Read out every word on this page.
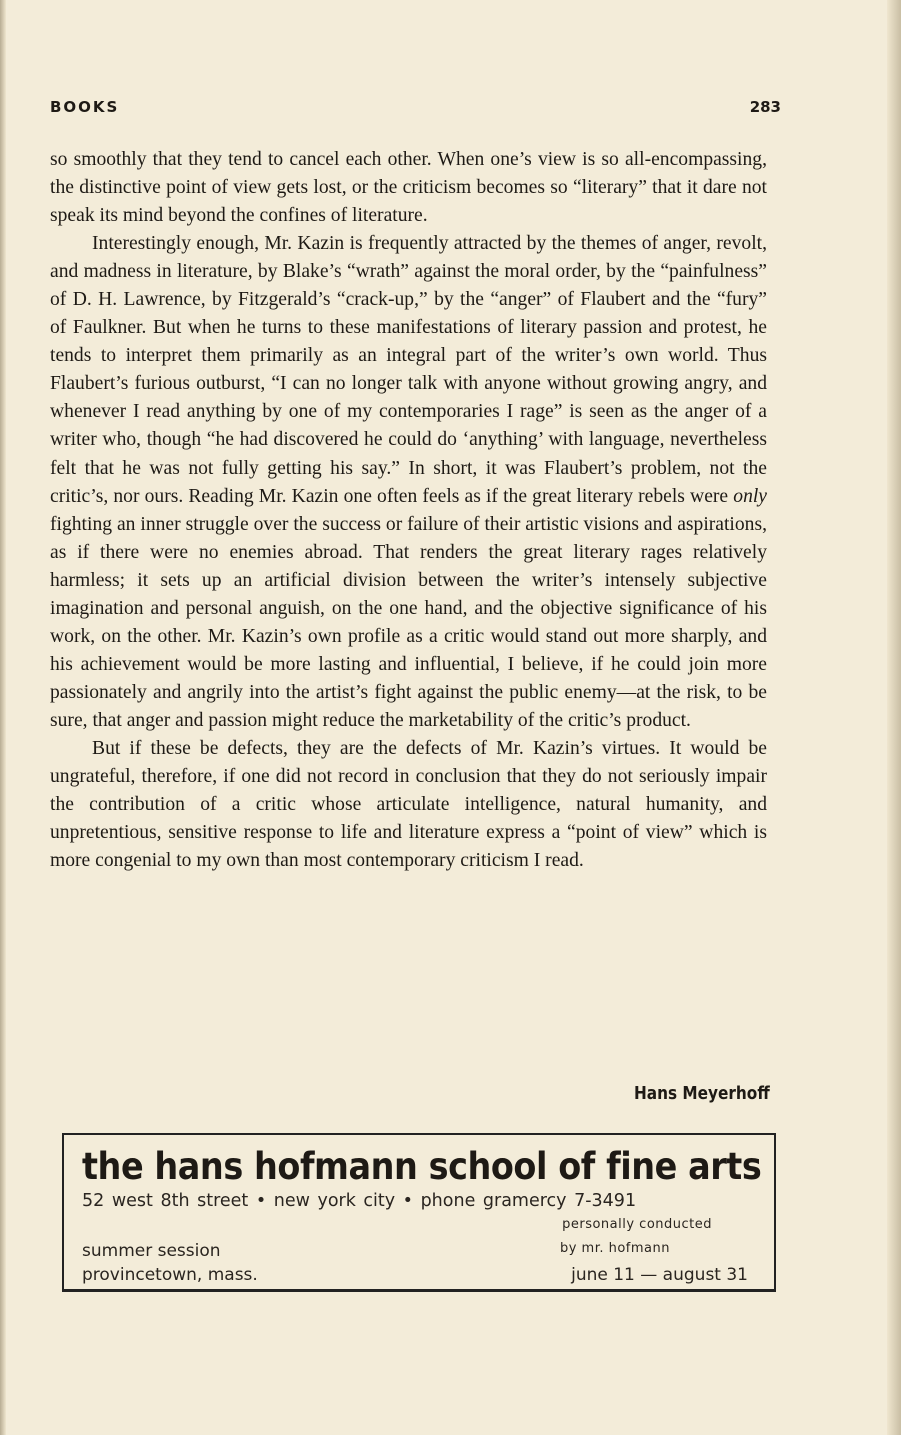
BOOKS	283

so smoothly that they tend to cancel each other. When one’s view is so all-encompassing, the distinctive point of view gets lost, or the criticism becomes so “literary” that it dare not speak its mind beyond the confines of literature.

Interestingly enough, Mr. Kazin is frequently attracted by the themes of anger, revolt, and madness in literature, by Blake’s “wrath” against the moral order, by the “painfulness” of D. H. Lawrence, by Fitzgerald’s “crack-up,” by the “anger” of Flaubert and the “fury” of Faulkner. But when he turns to these manifestations of literary passion and protest, he tends to interpret them primarily as an integral part of the writer’s own world. Thus Flaubert’s furious outburst, “I can no longer talk with anyone without growing angry, and whenever I read anything by one of my contemporaries I rage” is seen as the anger of a writer who, though “he had discovered he could do ‘anything’ with language, nevertheless felt that he was not fully getting his say.” In short, it was Flaubert’s problem, not the critic’s, nor ours. Reading Mr. Kazin one often feels as if the great literary rebels were only fighting an inner struggle over the success or failure of their artistic visions and aspirations, as if there were no enemies abroad. That renders the great literary rages relatively harmless; it sets up an artificial division between the writer’s intensely subjective imagination and personal anguish, on the one hand, and the objective significance of his work, on the other. Mr. Kazin’s own profile as a critic would stand out more sharply, and his achievement would be more lasting and influential, I believe, if he could join more passionately and angrily into the artist’s fight against the public enemy—at the risk, to be sure, that anger and passion might reduce the marketability of the critic’s product.

But if these be defects, they are the defects of Mr. Kazin’s virtues. It would be ungrateful, therefore, if one did not record in conclusion that they do not seriously impair the contribution of a critic whose articulate intelligence, natural humanity, and unpretentious, sensitive response to life and literature express a “point of view” which is more congenial to my own than most contemporary criticism I read.

Hans Meyerhoff
the hans hofmann school of fine arts
52 west 8th street • new york city • phone gramercy 7-3491
personally conducted
by mr. hofmann
summer session
provincetown, mass.	june 11 — august 31
